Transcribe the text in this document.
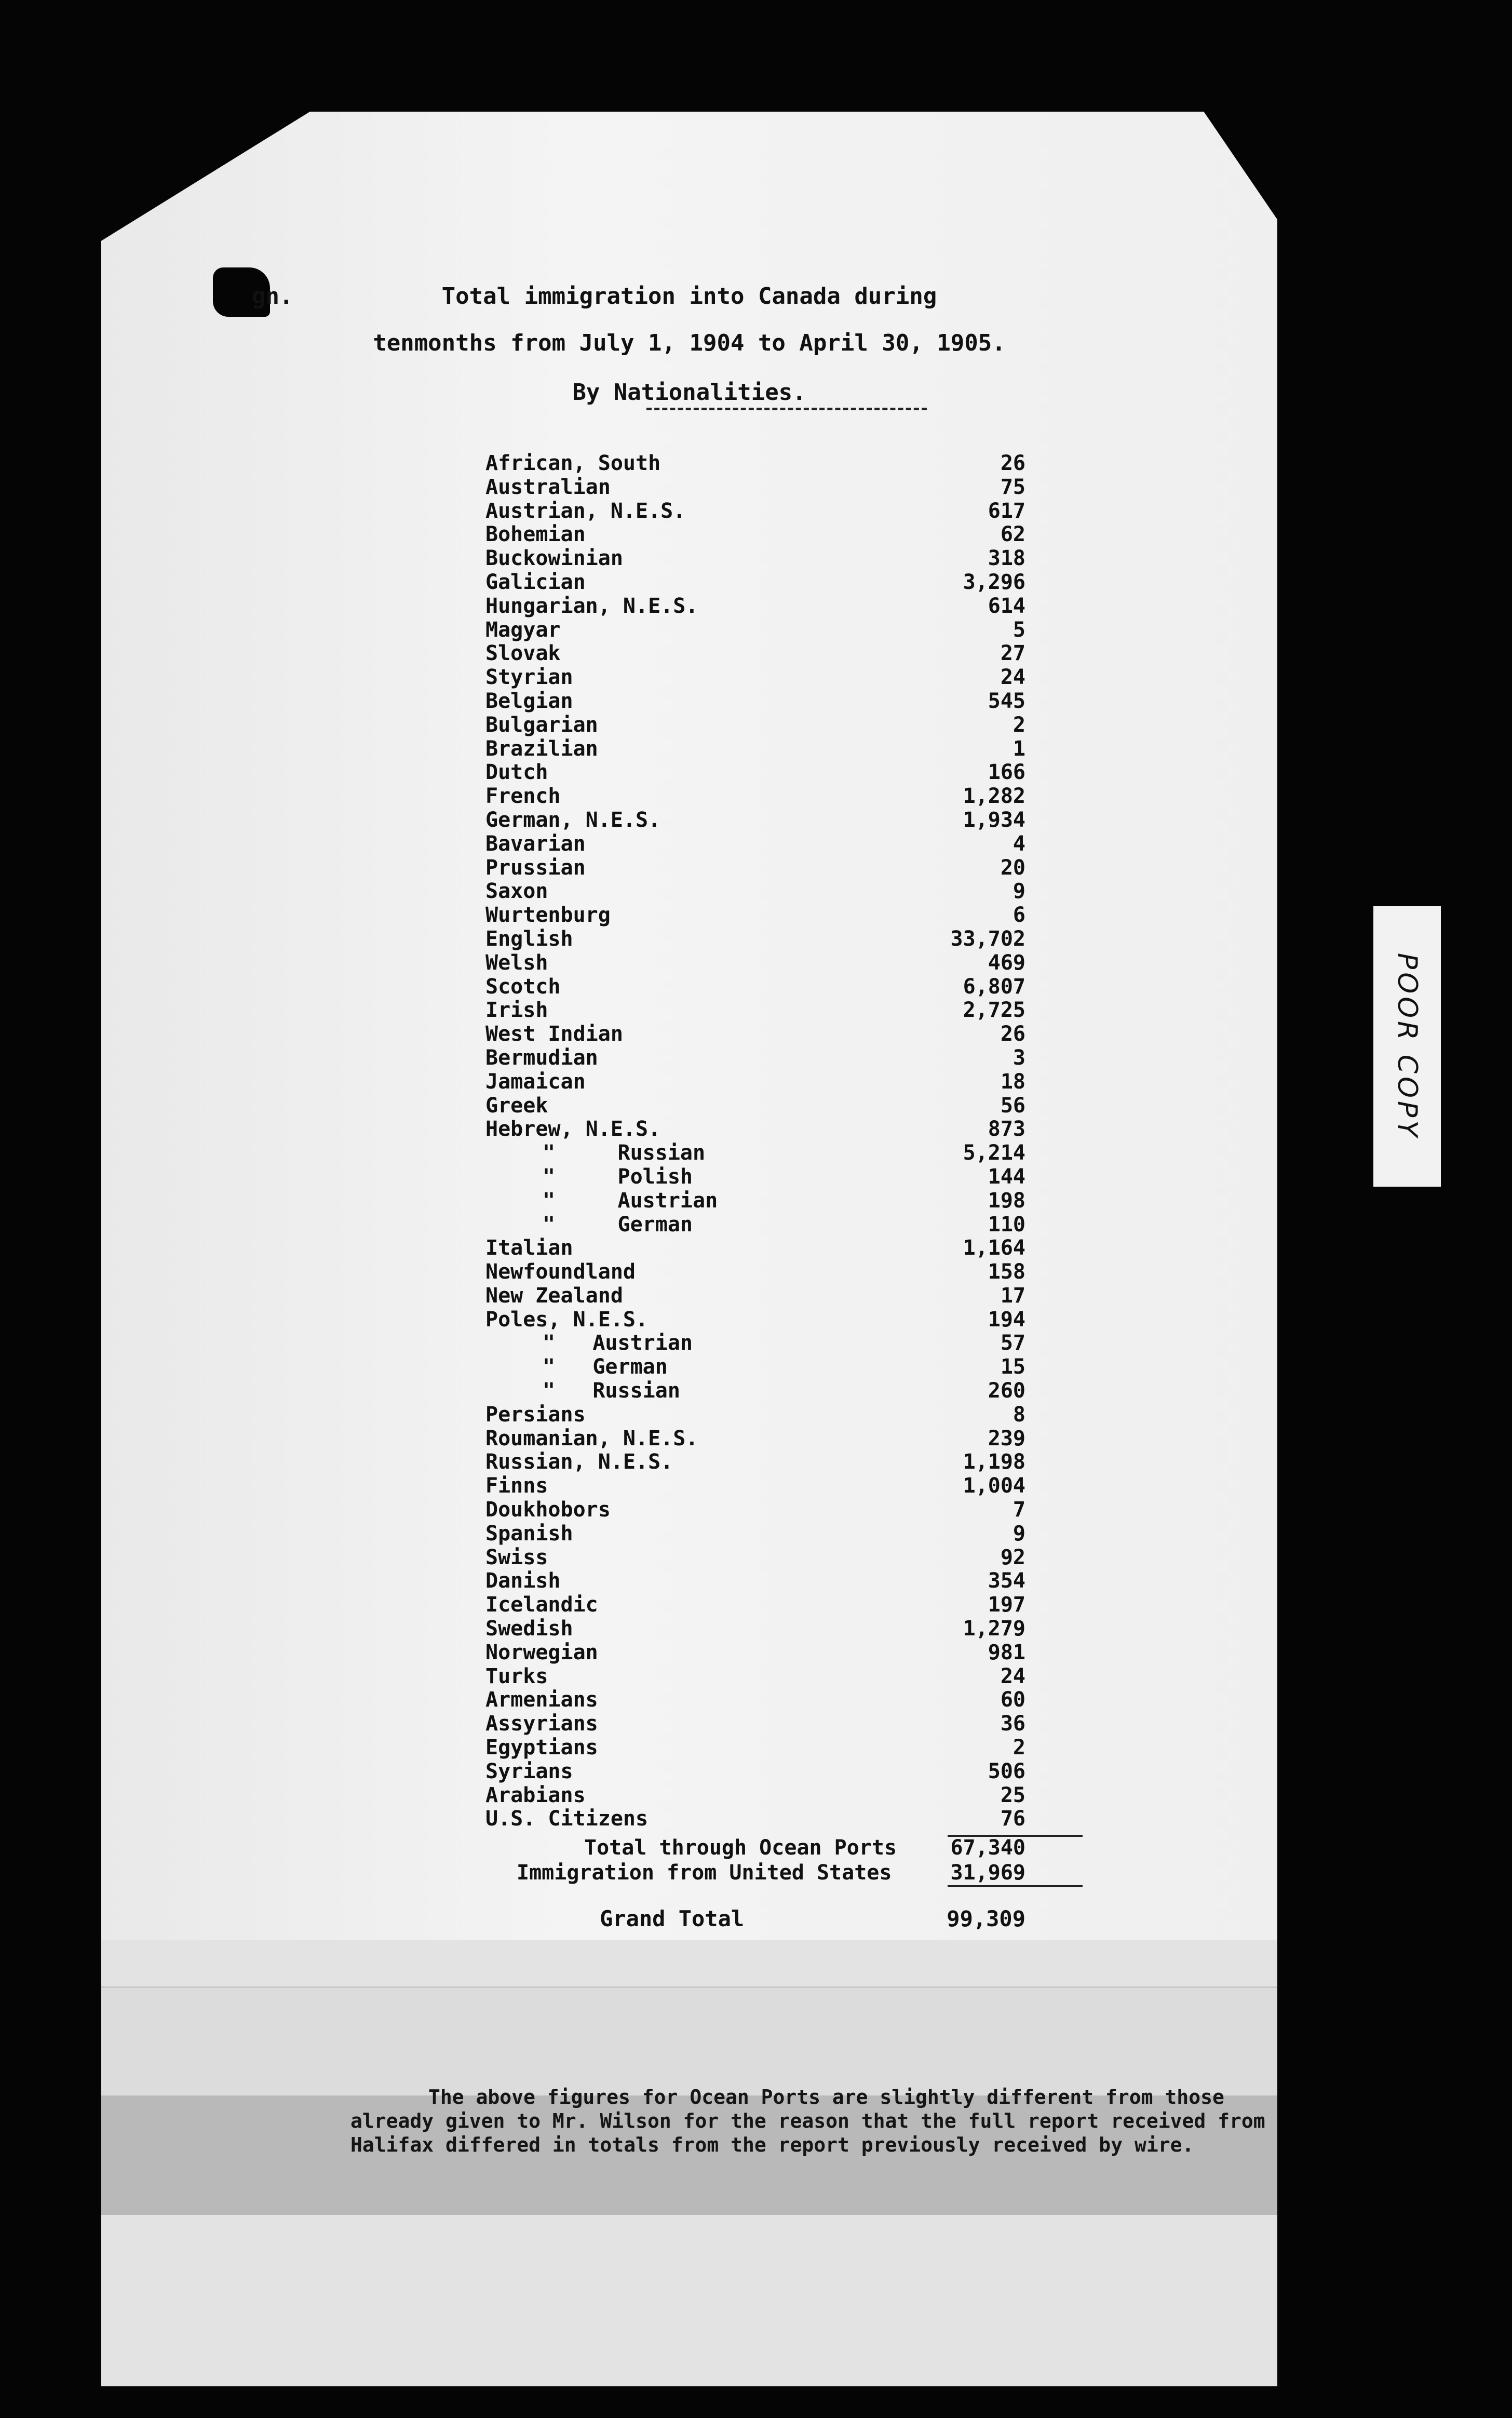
gn.	Total immigration into Canada during
tenmonths from July 1, 1904 to April 30, 1905.
By Nationalities.
African, South	26
Australian	75
Austrian, N.E.S.	617
Bohemian	62
Buckowinian	318
Galician	3,296
Hungarian, N.E.S.	614
Magyar	5
Slovak	27
Styrian	24
Belgian	545
Bulgarian	2
Brazilian	1
Dutch	166
French	1,282
German, N.E.S.	1,934
Bavarian	4
Prussian	20
Saxon	9
Wurtenburg	6
English	33,702
Welsh	469
Scotch	6,807
Irish	2,725
West Indian	26
Bermudian	3
Jamaican	18
Greek	56
Hebrew, N.E.S.	873
"     Russian	5,214
"     Polish	144
"     Austrian	198
"     German	110
Italian	1,164
Newfoundland	158
New Zealand	17
Poles, N.E.S.	194
"   Austrian	57
"   German	15
"   Russian	260
Persians	8
Roumanian, N.E.S.	239
Russian, N.E.S.	1,198
Finns	1,004
Doukhobors	7
Spanish	9
Swiss	92
Danish	354
Icelandic	197
Swedish	1,279
Norwegian	981
Turks	24
Armenians	60
Assyrians	36
Egyptians	2
Syrians	506
Arabians	25
U.S. Citizens	76
Total through Ocean Ports	67,340
Immigration from United States	31,969
Grand Total	99,309
The above figures for Ocean Ports are slightly different from those already given to Mr. Wilson for the reason that the full report received from Halifax differed in totals from the report previously received by wire.
POOR COPY
